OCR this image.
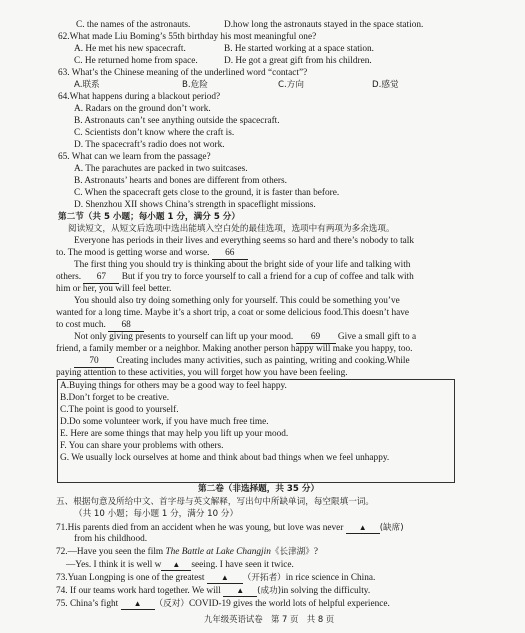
C. the names of the astronauts.	D.how long the astronauts stayed in the space station.
62.What made Liu Boming’s 55th birthday his most meaningful one?
A. He met his new spacecraft.	B. He started working at a space station.
C. He returned home from space.	D. He got a great gift from his children.
63. What’s the Chinese meaning of the underlined word “contact”?
A.联系	B.危险	C.方向	D.感觉
64.What happens during a blackout period?
A. Radars on the ground don’t work.
B. Astronauts can’t see anything outside the spacecraft.
C. Scientists don’t know where the craft is.
D. The spacecraft’s radio does not work.
65. What can we learn from the passage?
A. The parachutes are packed in two suitcases.
B. Astronauts’ hearts and bones are different from others.
C. When the spacecraft gets close to the ground, it is faster than before.
D. Shenzhou XII shows China’s strength in spaceflight missions.
第二节（共 5 小题；每小题 1 分，满分 5 分）
阅读短文，从短文后选项中选出能填入空白处的最佳选项，选项中有两项为多余选项。
Everyone has periods in their lives and everything seems so hard and there’s nobody to talk
to. The mood is getting worse and worse. 66
The first thing you should try is thinking about the bright side of your life and talking with
others. 67 But if you try to force yourself to call a friend for a cup of coffee and talk with
him or her, you will feel better.
You should also try doing something only for yourself. This could be something you’ve
wanted for a long time. Maybe it’s a short trip, a coat or some delicious food.This doesn’t have
to cost much. 68
Not only giving presents to yourself can lift up your mood. 69 Give a small gift to a
friend, a family member or a neighbor. Making another person happy will make you happy, too.
70 Creating includes many activities, such as painting, writing and cooking.While
paying attention to these activities, you will forget how you have been feeling.
A.Buying things for others may be a good way to feel happy.
B.Don’t forget to be creative.
C.The point is good to yourself.
D.Do some volunteer work, if you have much free time.
E. Here are some things that may help you lift up your mood.
F. You can share your problems with others.
G. We usually lock ourselves at home and think about bad things when we feel unhappy.
第二卷（非选择题，共 35 分）
五、根据句意及所给中文、首字母与英文解释，写出句中所缺单词，每空限填一词。
（共 10 小题；每小题 1 分，满分 10 分）
71.His parents died from an accident when he was young, but love was never ▲ (缺席)
from his childhood.
72.—Have you seen the film The Battle at Lake Changjin《长津湖》?
—Yes. I think it is well w ▲ seeing. I have seen it twice.
73.Yuan Longping is one of the greatest ▲ （开拓者）in rice science in China.
74. If our teams work hard together. We will ▲ (成功)in solving the difficulty.
75. China’s fight ▲ （反对）COVID-19 gives the world lots of helpful experience.
九年级英语试卷　第 7 页　共 8 页
